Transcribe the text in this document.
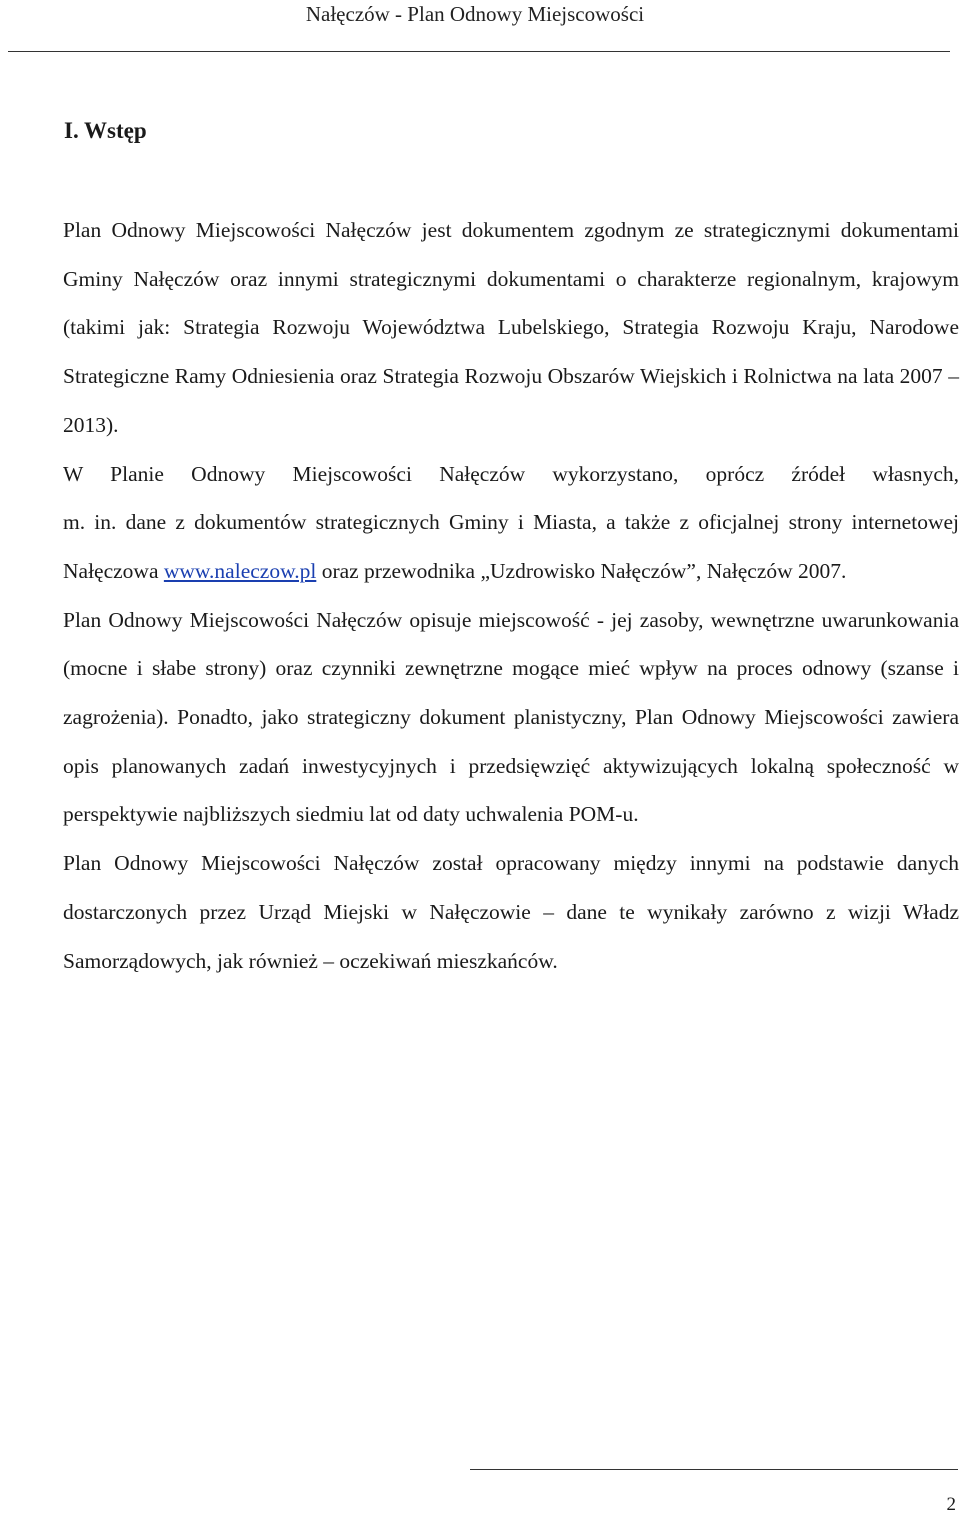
Nałęczów - Plan Odnowy Miejscowości
I. Wstęp

Plan Odnowy Miejscowości Nałęczów jest dokumentem zgodnym ze strategicznymi dokumentami Gminy Nałęczów oraz innymi strategicznymi dokumentami o charakterze regionalnym, krajowym (takimi jak: Strategia Rozwoju Województwa Lubelskiego, Strategia Rozwoju Kraju, Narodowe Strategiczne Ramy Odniesienia oraz Strategia Rozwoju Obszarów Wiejskich i Rolnictwa na lata 2007 – 2013).

W Planie Odnowy Miejscowości Nałęczów wykorzystano, oprócz źródeł własnych,

m. in. dane z dokumentów strategicznych Gminy i Miasta, a także z oficjalnej strony internetowej Nałęczowa www.naleczow.pl oraz przewodnika „Uzdrowisko Nałęczów”, Nałęczów 2007.

Plan Odnowy Miejscowości Nałęczów opisuje miejscowość - jej zasoby, wewnętrzne uwarunkowania (mocne i słabe strony) oraz czynniki zewnętrzne mogące mieć wpływ na proces odnowy (szanse i zagrożenia). Ponadto, jako strategiczny dokument planistyczny, Plan Odnowy Miejscowości zawiera opis planowanych zadań inwestycyjnych i przedsięwzięć aktywizujących lokalną społeczność w perspektywie najbliższych siedmiu lat od daty uchwalenia POM-u.

Plan Odnowy Miejscowości Nałęczów został opracowany między innymi na podstawie danych dostarczonych przez Urząd Miejski w Nałęczowie – dane te wynikały zarówno z wizji Władz Samorządowych, jak również – oczekiwań mieszkańców.

2
